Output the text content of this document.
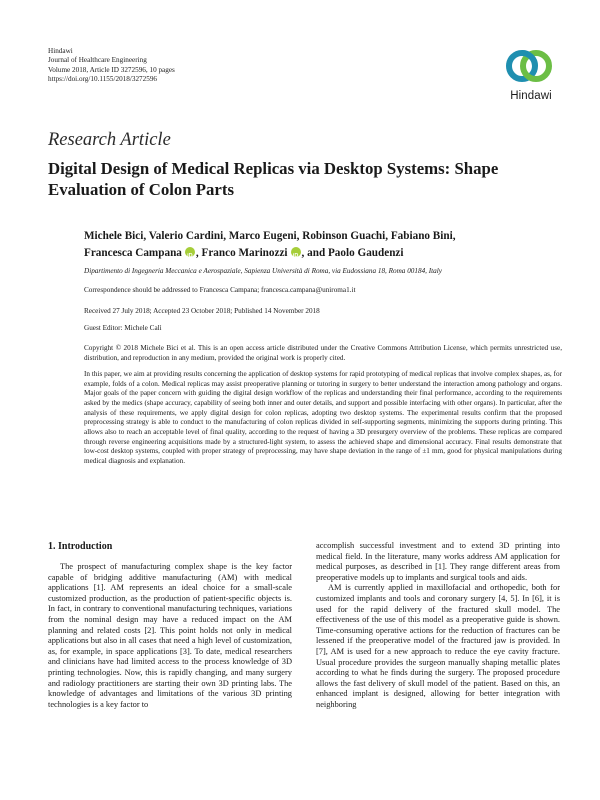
Hindawi
Journal of Healthcare Engineering
Volume 2018, Article ID 3272596, 10 pages
https://doi.org/10.1155/2018/3272596
Hindawi
Research Article
Digital Design of Medical Replicas via Desktop Systems: Shape Evaluation of Colon Parts
Michele Bici, Valerio Cardini, Marco Eugeni, Robinson Guachi, Fabiano Bini,
Francesca Campana iD , Franco Marinozzi iD , and Paolo Gaudenzi
Dipartimento di Ingegneria Meccanica e Aerospaziale, Sapienza Università di Roma, via Eudossiana 18, Roma 00184, Italy
Correspondence should be addressed to Francesca Campana; francesca.campana@uniroma1.it
Received 27 July 2018; Accepted 23 October 2018; Published 14 November 2018
Guest Editor: Michele Calì
Copyright © 2018 Michele Bici et al. This is an open access article distributed under the Creative Commons Attribution License, which permits unrestricted use, distribution, and reproduction in any medium, provided the original work is properly cited.
In this paper, we aim at providing results concerning the application of desktop systems for rapid prototyping of medical replicas that involve complex shapes, as, for example, folds of a colon. Medical replicas may assist preoperative planning or tutoring in surgery to better understand the interaction among pathology and organs. Major goals of the paper concern with guiding the digital design workflow of the replicas and understanding their final performance, according to the requirements asked by the medics (shape accuracy, capability of seeing both inner and outer details, and support and possible interfacing with other organs). In particular, after the analysis of these requirements, we apply digital design for colon replicas, adopting two desktop systems. The experimental results confirm that the proposed preprocessing strategy is able to conduct to the manufacturing of colon replicas divided in self-supporting segments, minimizing the supports during printing. This allows also to reach an acceptable level of final quality, according to the request of having a 3D presurgery overview of the problems. These replicas are compared through reverse engineering acquisitions made by a structured-light system, to assess the achieved shape and dimensional accuracy. Final results demonstrate that low-cost desktop systems, coupled with proper strategy of preprocessing, may have shape deviation in the range of ±1 mm, good for physical manipulations during medical diagnosis and explanation.
1. Introduction

The prospect of manufacturing complex shape is the key factor capable of bridging additive manufacturing (AM) with medical applications [1]. AM represents an ideal choice for a small-scale customized production, as the production of patient-specific objects is. In fact, in contrary to conventional manufacturing techniques, variations from the nominal design may have a reduced impact on the AM planning and related costs [2]. This point holds not only in medical applications but also in all cases that need a high level of customization, as, for example, in space applications [3]. To date, medical researchers and clinicians have had limited access to the process knowledge of 3D printing technologies. Now, this is rapidly changing, and many surgery and radiology practitioners are starting their own 3D printing labs. The knowledge of advantages and limitations of the various 3D printing technologies is a key factor to

accomplish successful investment and to extend 3D printing into medical field. In the literature, many works address AM application for medical purposes, as described in [1]. They range different areas from preoperative models up to implants and surgical tools and aids.

AM is currently applied in maxillofacial and orthopedic, both for customized implants and tools and coronary surgery [4, 5]. In [6], it is used for the rapid delivery of the fractured skull model. The effectiveness of the use of this model as a preoperative guide is shown. Time-consuming operative actions for the reduction of fractures can be lessened if the preoperative model of the fractured jaw is provided. In [7], AM is used for a new approach to reduce the eye cavity fracture. Usual procedure provides the surgeon manually shaping metallic plates according to what he finds during the surgery. The proposed procedure allows the fast delivery of skull model of the patient. Based on this, an enhanced implant is designed, allowing for better integration with neighboring
